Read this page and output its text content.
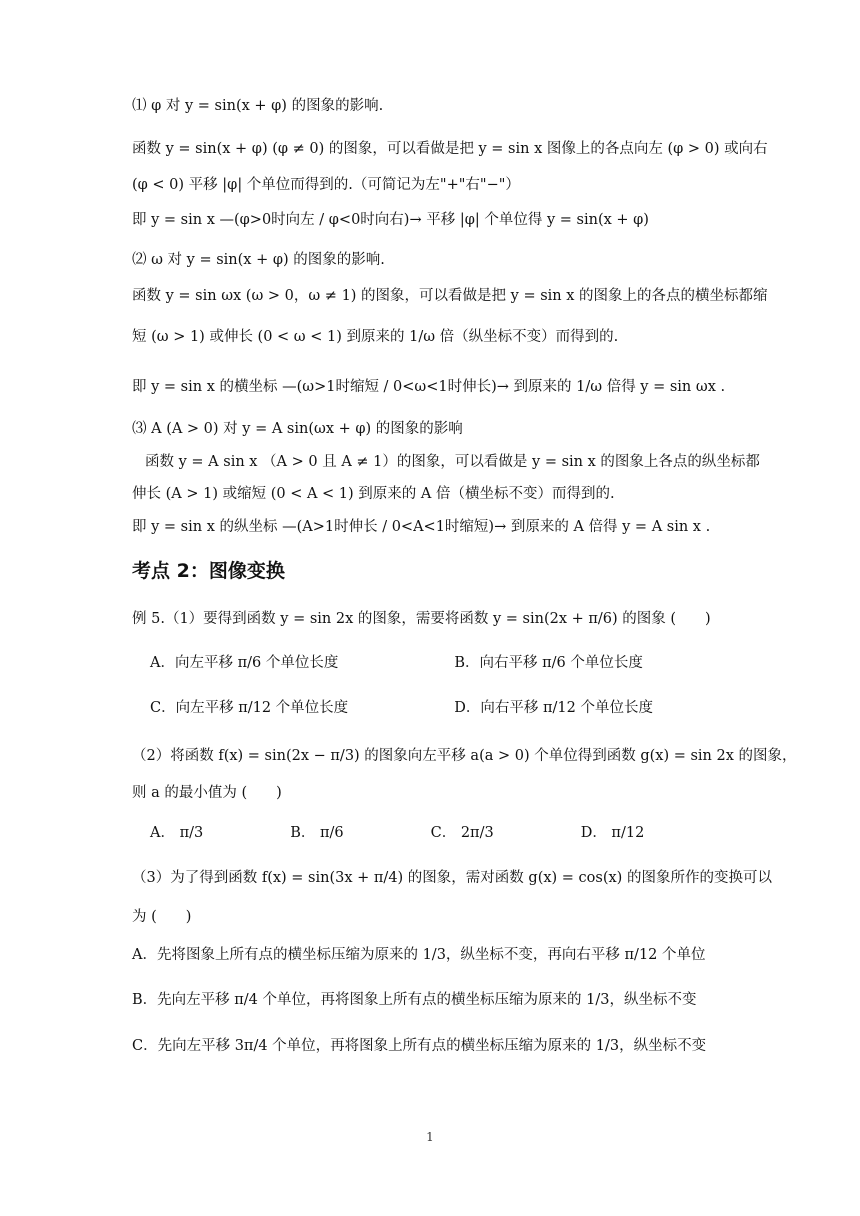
⑴ φ 对 y = sin(x + φ) 的图象的影响.
函数 y = sin(x + φ) (φ ≠ 0) 的图象，可以看做是把 y = sin x 图像上的各点向左 (φ > 0) 或向右
(φ < 0) 平移 |φ| 个单位而得到的.（可简记为左"+"右"−"）
即 y = sin x —(φ>0时向左 / φ<0时向右)→ 平移 |φ| 个单位得 y = sin(x + φ)
⑵ ω 对 y = sin(x + φ) 的图象的影响.
函数 y = sin ωx (ω > 0，ω ≠ 1) 的图象，可以看做是把 y = sin x 的图象上的各点的横坐标都缩
短 (ω > 1) 或伸长 (0 < ω < 1) 到原来的 1/ω 倍（纵坐标不变）而得到的.
即 y = sin x 的横坐标 —(ω>1时缩短 / 0<ω<1时伸长)→ 到原来的 1/ω 倍得 y = sin ωx .
⑶ A (A > 0) 对 y = A sin(ωx + φ) 的图象的影响
函数 y = A sin x （A > 0 且 A ≠ 1）的图象，可以看做是 y = sin x 的图象上各点的纵坐标都
伸长 (A > 1) 或缩短 (0 < A < 1) 到原来的 A 倍（横坐标不变）而得到的.
即 y = sin x 的纵坐标 —(A>1时伸长 / 0<A<1时缩短)→ 到原来的 A 倍得 y = A sin x .
考点 2：图像变换
例 5.（1）要得到函数 y = sin 2x 的图象，需要将函数 y = sin(2x + π/6) 的图象 (　　)
A．向左平移 π/6 个单位长度　　　　　　　　B．向右平移 π/6 个单位长度
C．向左平移 π/12 个单位长度　　　　　　　 D．向右平移 π/12 个单位长度
（2）将函数 f(x) = sin(2x − π/3) 的图象向左平移 a(a > 0) 个单位得到函数 g(x) = sin 2x 的图象，
则 a 的最小值为 (　　)
A． π/3　　　　　　B． π/6　　　　　　C． 2π/3　　　　　　D． π/12
（3）为了得到函数 f(x) = sin(3x + π/4) 的图象，需对函数 g(x) = cos(x) 的图象所作的变换可以
为 (　　)
A．先将图象上所有点的横坐标压缩为原来的 1/3，纵坐标不变，再向右平移 π/12 个单位
B．先向左平移 π/4 个单位，再将图象上所有点的横坐标压缩为原来的 1/3，纵坐标不变
C．先向左平移 3π/4 个单位，再将图象上所有点的横坐标压缩为原来的 1/3，纵坐标不变
1
